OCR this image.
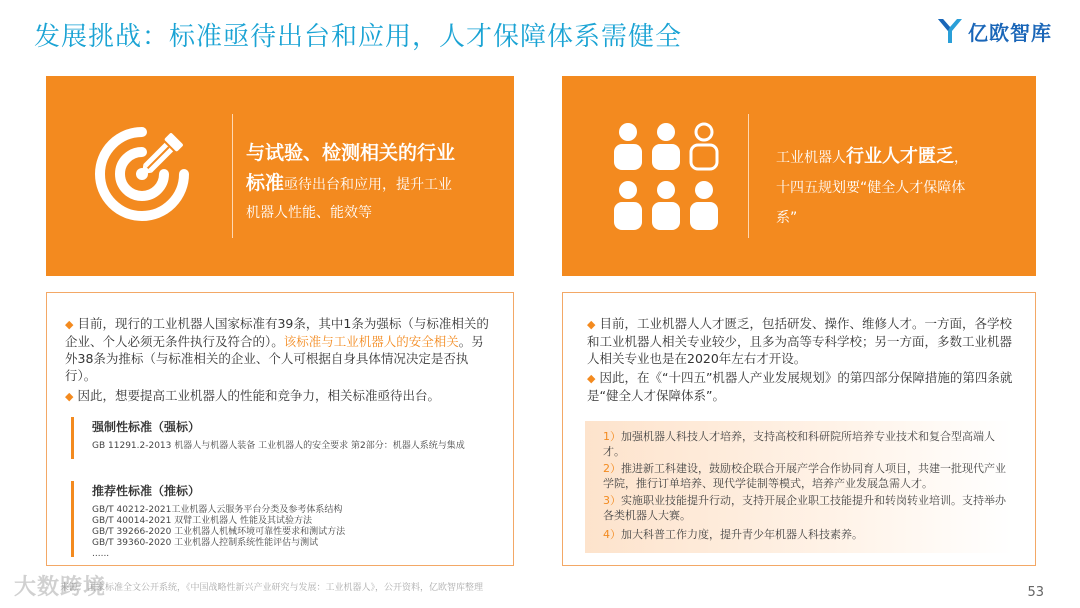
发展挑战：标准亟待出台和应用，人才保障体系需健全	亿欧智库
与试验、检测相关的行业
标准亟待出台和应用，提升工业
机器人性能、能效等
工业机器人行业人才匮乏，
十四五规划要“健全人才保障体
系”
◆ 目前，现行的工业机器人国家标准有39条，其中1条为强标（与标准相关的企业、个人必须无条件执行及符合的）。该标准与工业机器人的安全相关。另外38条为推标（与标准相关的企业、个人可根据自身具体情况决定是否执行）。
◆ 因此，想要提高工业机器人的性能和竞争力，相关标准亟待出台。
强制性标准（强标）
GB 11291.2-2013 机器人与机器人装备 工业机器人的安全要求 第2部分：机器人系统与集成
推荐性标准（推标）
GB/T 40212-2021工业机器人云服务平台分类及参考体系结构
GB/T 40014-2021 双臂工业机器人 性能及其试验方法
GB/T 39266-2020 工业机器人机械环境可靠性要求和测试方法
GB/T 39360-2020 工业机器人控制系统性能评估与测试
......
◆ 目前，工业机器人人才匮乏，包括研发、操作、维修人才。一方面，各学校和工业机器人相关专业较少，且多为高等专科学校；另一方面，多数工业机器人相关专业也是在2020年左右才开设。
◆ 因此，在《“十四五”机器人产业发展规划》的第四部分保障措施的第四条就是“健全人才保障体系”。
1）加强机器人科技人才培养，支持高校和科研院所培养专业技术和复合型高端人才。
2）推进新工科建设，鼓励校企联合开展产学合作协同育人项目，共建一批现代产业学院，推行订单培养、现代学徒制等模式，培养产业发展急需人才。
3）实施职业技能提升行动，支持开展企业职工技能提升和转岗转业培训。支持举办各类机器人大赛。
4）加大科普工作力度，提升青少年机器人科技素养。
来源：国家标准全文公开系统，《中国战略性新兴产业研究与发展：工业机器人》，公开资料，亿欧智库整理
大数跨境	53
